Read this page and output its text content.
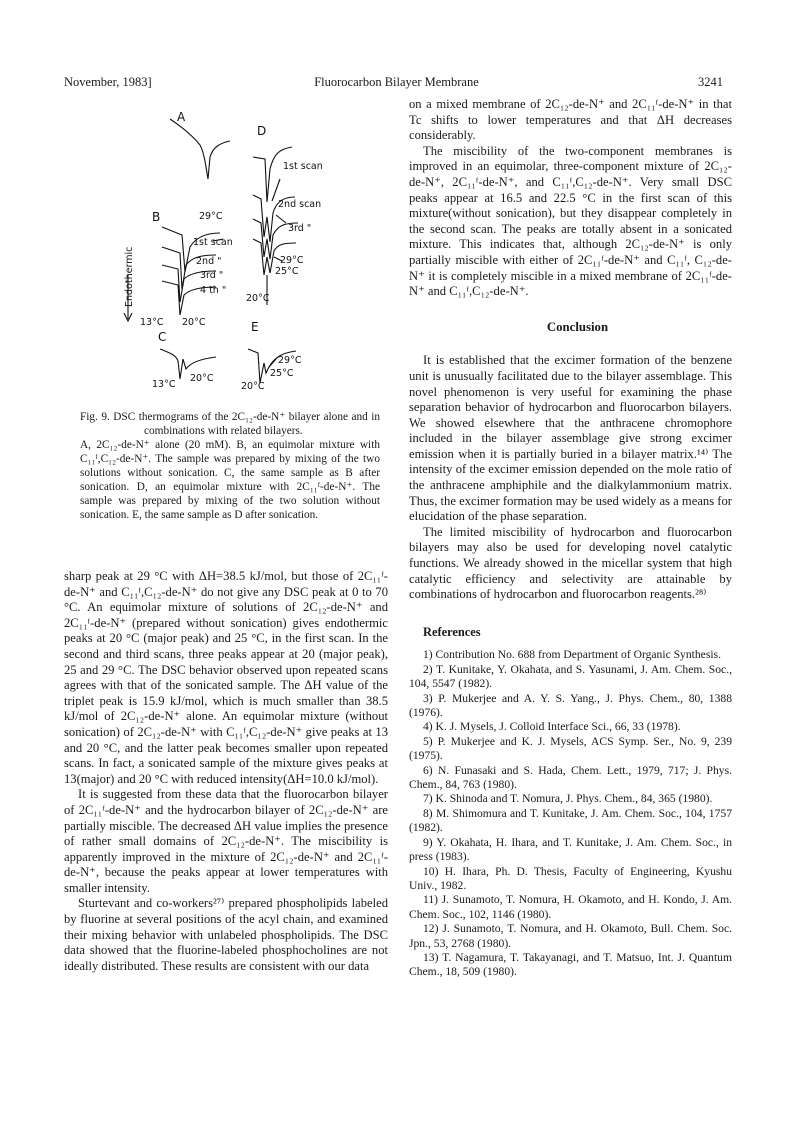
November, 1983]	Fluorocarbon Bilayer Membrane	3241
A
D
B
C
E
29°C
1st scan
2nd "
3rd "
4 th "
13°C 20°C
13°C
20°C
1st scan
2nd scan
3rd "
29°C
25°C
20°C
29°C
25°C
20°C
Endothermic

Fig. 9. DSC thermograms of the 2C₁₂-de-N⁺ bilayer alone and in combinations with related bilayers.

A, 2C₁₂-de-N⁺ alone (20 mM). B, an equimolar mixture with C₁₁ᶠ,C₁₂-de-N⁺. The sample was prepared by mixing of the two solutions without sonication. C, the same sample as B after sonication. D, an equimolar mixture with 2C₁₁ᶠ-de-N⁺. The sample was prepared by mixing of the two solution without sonication. E, the same sample as D after sonication.

sharp peak at 29 °C with ΔH=38.5 kJ/mol, but those of 2C₁₁ᶠ-de-N⁺ and C₁₁ᶠ,C₁₂-de-N⁺ do not give any DSC peak at 0 to 70 °C. An equimolar mixture of solutions of 2C₁₂-de-N⁺ and 2C₁₁ᶠ-de-N⁺ (prepared without sonication) gives endothermic peaks at 20 °C (major peak) and 25 °C, in the first scan. In the second and third scans, three peaks appear at 20 (major peak), 25 and 29 °C. The DSC behavior observed upon repeated scans agrees with that of the sonicated sample. The ΔH value of the triplet peak is 15.9 kJ/mol, which is much smaller than 38.5 kJ/mol of 2C₁₂-de-N⁺ alone. An equimolar mixture (without sonication) of 2C₁₂-de-N⁺ with C₁₁ᶠ,C₁₂-de-N⁺ give peaks at 13 and 20 °C, and the latter peak becomes smaller upon repeated scans. In fact, a sonicated sample of the mixture gives peaks at 13(major) and 20 °C with reduced intensity(ΔH=10.0 kJ/mol).

It is suggested from these data that the fluorocarbon bilayer of 2C₁₁ᶠ-de-N⁺ and the hydrocarbon bilayer of 2C₁₂-de-N⁺ are partially miscible. The decreased ΔH value implies the presence of rather small domains of 2C₁₂-de-N⁺. The miscibility is apparently improved in the mixture of 2C₁₂-de-N⁺ and 2C₁₁ᶠ-de-N⁺, because the peaks appear at lower temperatures with smaller intensity.

Sturtevant and co-workers²⁷⁾ prepared phospholipids labeled by fluorine at several positions of the acyl chain, and examined their mixing behavior with unlabeled phospholipids. The DSC data showed that the fluorine-labeled phosphocholines are not ideally distributed. These results are consistent with our data

on a mixed membrane of 2C₁₂-de-N⁺ and 2C₁₁ᶠ-de-N⁺ in that Tc shifts to lower temperatures and that ΔH decreases considerably.

The miscibility of the two-component membranes is improved in an equimolar, three-component mixture of 2C₁₂-de-N⁺, 2C₁₁ᶠ-de-N⁺, and C₁₁ᶠ,C₁₂-de-N⁺. Very small DSC peaks appear at 16.5 and 22.5 °C in the first scan of this mixture(without sonication), but they disappear completely in the second scan. The peaks are totally absent in a sonicated mixture. This indicates that, although 2C₁₂-de-N⁺ is only partially miscible with either of 2C₁₁ᶠ-de-N⁺ and C₁₁ᶠ, C₁₂-de-N⁺ it is completely miscible in a mixed membrane of 2C₁₁ᶠ-de-N⁺ and C₁₁ᶠ,C₁₂-de-N⁺.

Conclusion

It is established that the excimer formation of the benzene unit is unusually facilitated due to the bilayer assemblage. This novel phenomenon is very useful for examining the phase separation behavior of hydrocarbon and fluorocarbon bilayers. We showed elsewhere that the anthracene chromophore included in the bilayer assemblage give strong excimer emission when it is partially buried in a bilayer matrix.¹⁴⁾ The intensity of the excimer emission depended on the mole ratio of the anthracene amphiphile and the dialkylammonium matrix. Thus, the excimer formation may be used widely as a means for elucidation of the phase separation.

The limited miscibility of hydrocarbon and fluorocarbon bilayers may also be used for developing novel catalytic functions. We already showed in the micellar system that high catalytic efficiency and selectivity are attainable by combinations of hydrocarbon and fluorocarbon reagents.²⁸⁾

References

1) Contribution No. 688 from Department of Organic Synthesis.
2) T. Kunitake, Y. Okahata, and S. Yasunami, J. Am. Chem. Soc., 104, 5547 (1982).
3) P. Mukerjee and A. Y. S. Yang., J. Phys. Chem., 80, 1388 (1976).
4) K. J. Mysels, J. Colloid Interface Sci., 66, 33 (1978).
5) P. Mukerjee and K. J. Mysels, ACS Symp. Ser., No. 9, 239 (1975).
6) N. Funasaki and S. Hada, Chem. Lett., 1979, 717; J. Phys. Chem., 84, 763 (1980).
7) K. Shinoda and T. Nomura, J. Phys. Chem., 84, 365 (1980).
8) M. Shimomura and T. Kunitake, J. Am. Chem. Soc., 104, 1757 (1982).
9) Y. Okahata, H. Ihara, and T. Kunitake, J. Am. Chem. Soc., in press (1983).
10) H. Ihara, Ph. D. Thesis, Faculty of Engineering, Kyushu Univ., 1982.
11) J. Sunamoto, T. Nomura, H. Okamoto, and H. Kondo, J. Am. Chem. Soc., 102, 1146 (1980).
12) J. Sunamoto, T. Nomura, and H. Okamoto, Bull. Chem. Soc. Jpn., 53, 2768 (1980).
13) T. Nagamura, T. Takayanagi, and T. Matsuo, Int. J. Quantum Chem., 18, 509 (1980).
